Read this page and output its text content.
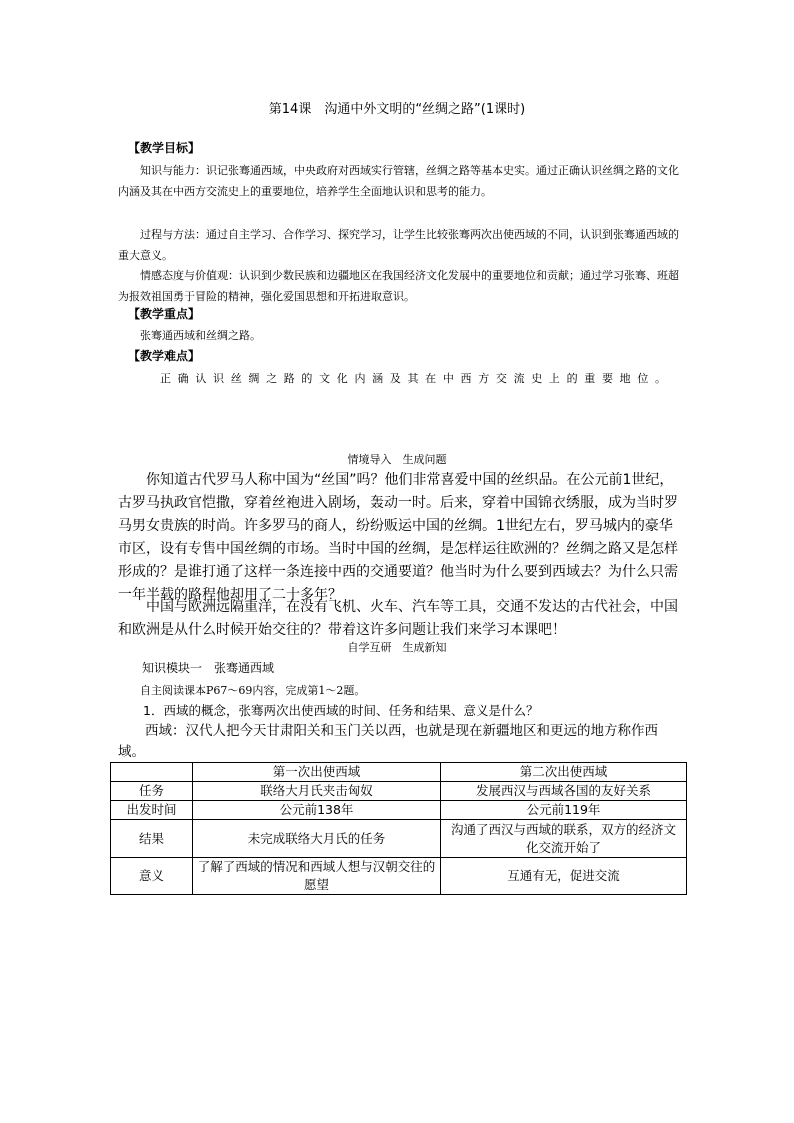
第14课　沟通中外文明的“丝绸之路”(1课时)
【教学目标】
知识与能力：识记张骞通西域，中央政府对西域实行管辖，丝绸之路等基本史实。通过正确认识丝绸之路的文化内涵及其在中西方交流史上的重要地位，培养学生全面地认识和思考的能力。
过程与方法：通过自主学习、合作学习、探究学习，让学生比较张骞两次出使西域的不同，认识到张骞通西域的重大意义。
情感态度与价值观：认识到少数民族和边疆地区在我国经济文化发展中的重要地位和贡献；通过学习张骞、班超为报效祖国勇于冒险的精神，强化爱国思想和开拓进取意识。
【教学重点】
张骞通西域和丝绸之路。
【教学难点】
正确认识丝绸之路的文化内涵及其在中西方交流史上的重要地位。
情境导入　生成问题
你知道古代罗马人称中国为“丝国”吗？他们非常喜爱中国的丝织品。在公元前1世纪，古罗马执政官恺撒，穿着丝袍进入剧场，轰动一时。后来，穿着中国锦衣绣服，成为当时罗马男女贵族的时尚。许多罗马的商人，纷纷贩运中国的丝绸。1世纪左右，罗马城内的豪华市区，设有专售中国丝绸的市场。当时中国的丝绸，是怎样运往欧洲的？丝绸之路又是怎样形成的？是谁打通了这样一条连接中西的交通要道？他当时为什么要到西域去？为什么只需一年半载的路程他却用了二十多年？
中国与欧洲远隔重洋，在没有飞机、火车、汽车等工具，交通不发达的古代社会，中国和欧洲是从什么时候开始交往的？带着这许多问题让我们来学习本课吧！
自学互研　生成新知
知识模块一　张骞通西域
自主阅读课本P67～69内容，完成第1～2题。
1．西域的概念，张骞两次出使西域的时间、任务和结果、意义是什么？
西域：汉代人把今天甘肃阳关和玉门关以西，也就是现在新疆地区和更远的地方称作西域。
	第一次出使西域	第二次出使西域
任务	联络大月氏夹击匈奴	发展西汉与西域各国的友好关系
出发时间	公元前138年	公元前119年
结果	未完成联络大月氏的任务	沟通了西汉与西域的联系，双方的经济文化交流开始了
意义	了解了西域的情况和西域人想与汉朝交往的愿望	互通有无，促进交流
